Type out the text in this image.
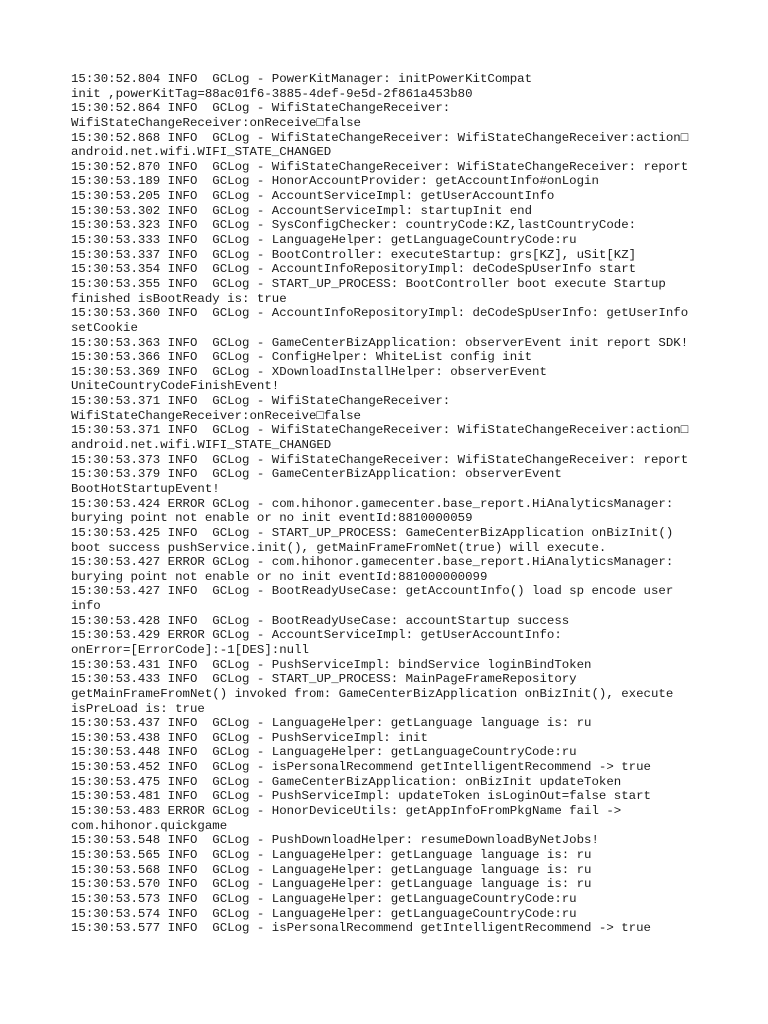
15:30:52.804 INFO  GCLog - PowerKitManager: initPowerKitCompat
init ,powerKitTag=88ac01f6-3885-4def-9e5d-2f861a453b80
15:30:52.864 INFO  GCLog - WifiStateChangeReceiver:
WifiStateChangeReceiver:onReceive□false
15:30:52.868 INFO  GCLog - WifiStateChangeReceiver: WifiStateChangeReceiver:action□
android.net.wifi.WIFI_STATE_CHANGED
15:30:52.870 INFO  GCLog - WifiStateChangeReceiver: WifiStateChangeReceiver: report
15:30:53.189 INFO  GCLog - HonorAccountProvider: getAccountInfo#onLogin
15:30:53.205 INFO  GCLog - AccountServiceImpl: getUserAccountInfo
15:30:53.302 INFO  GCLog - AccountServiceImpl: startupInit end
15:30:53.323 INFO  GCLog - SysConfigChecker: countryCode:KZ,lastCountryCode:
15:30:53.333 INFO  GCLog - LanguageHelper: getLanguageCountryCode:ru
15:30:53.337 INFO  GCLog - BootController: executeStartup: grs[KZ], uSit[KZ]
15:30:53.354 INFO  GCLog - AccountInfoRepositoryImpl: deCodeSpUserInfo start
15:30:53.355 INFO  GCLog - START_UP_PROCESS: BootController boot execute Startup
finished isBootReady is: true
15:30:53.360 INFO  GCLog - AccountInfoRepositoryImpl: deCodeSpUserInfo: getUserInfo
setCookie
15:30:53.363 INFO  GCLog - GameCenterBizApplication: observerEvent init report SDK!
15:30:53.366 INFO  GCLog - ConfigHelper: WhiteList config init
15:30:53.369 INFO  GCLog - XDownloadInstallHelper: observerEvent
UniteCountryCodeFinishEvent!
15:30:53.371 INFO  GCLog - WifiStateChangeReceiver:
WifiStateChangeReceiver:onReceive□false
15:30:53.371 INFO  GCLog - WifiStateChangeReceiver: WifiStateChangeReceiver:action□
android.net.wifi.WIFI_STATE_CHANGED
15:30:53.373 INFO  GCLog - WifiStateChangeReceiver: WifiStateChangeReceiver: report
15:30:53.379 INFO  GCLog - GameCenterBizApplication: observerEvent
BootHotStartupEvent!
15:30:53.424 ERROR GCLog - com.hihonor.gamecenter.base_report.HiAnalyticsManager:
burying point not enable or no init eventId:8810000059
15:30:53.425 INFO  GCLog - START_UP_PROCESS: GameCenterBizApplication onBizInit()
boot success pushService.init(), getMainFrameFromNet(true) will execute.
15:30:53.427 ERROR GCLog - com.hihonor.gamecenter.base_report.HiAnalyticsManager:
burying point not enable or no init eventId:881000000099
15:30:53.427 INFO  GCLog - BootReadyUseCase: getAccountInfo() load sp encode user
info
15:30:53.428 INFO  GCLog - BootReadyUseCase: accountStartup success
15:30:53.429 ERROR GCLog - AccountServiceImpl: getUserAccountInfo:
onError=[ErrorCode]:-1[DES]:null
15:30:53.431 INFO  GCLog - PushServiceImpl: bindService loginBindToken
15:30:53.433 INFO  GCLog - START_UP_PROCESS: MainPageFrameRepository
getMainFrameFromNet() invoked from: GameCenterBizApplication onBizInit(), execute
isPreLoad is: true
15:30:53.437 INFO  GCLog - LanguageHelper: getLanguage language is: ru
15:30:53.438 INFO  GCLog - PushServiceImpl: init
15:30:53.448 INFO  GCLog - LanguageHelper: getLanguageCountryCode:ru
15:30:53.452 INFO  GCLog - isPersonalRecommend getIntelligentRecommend -> true
15:30:53.475 INFO  GCLog - GameCenterBizApplication: onBizInit updateToken
15:30:53.481 INFO  GCLog - PushServiceImpl: updateToken isLoginOut=false start
15:30:53.483 ERROR GCLog - HonorDeviceUtils: getAppInfoFromPkgName fail ->
com.hihonor.quickgame
15:30:53.548 INFO  GCLog - PushDownloadHelper: resumeDownloadByNetJobs!
15:30:53.565 INFO  GCLog - LanguageHelper: getLanguage language is: ru
15:30:53.568 INFO  GCLog - LanguageHelper: getLanguage language is: ru
15:30:53.570 INFO  GCLog - LanguageHelper: getLanguage language is: ru
15:30:53.573 INFO  GCLog - LanguageHelper: getLanguageCountryCode:ru
15:30:53.574 INFO  GCLog - LanguageHelper: getLanguageCountryCode:ru
15:30:53.577 INFO  GCLog - isPersonalRecommend getIntelligentRecommend -> true
